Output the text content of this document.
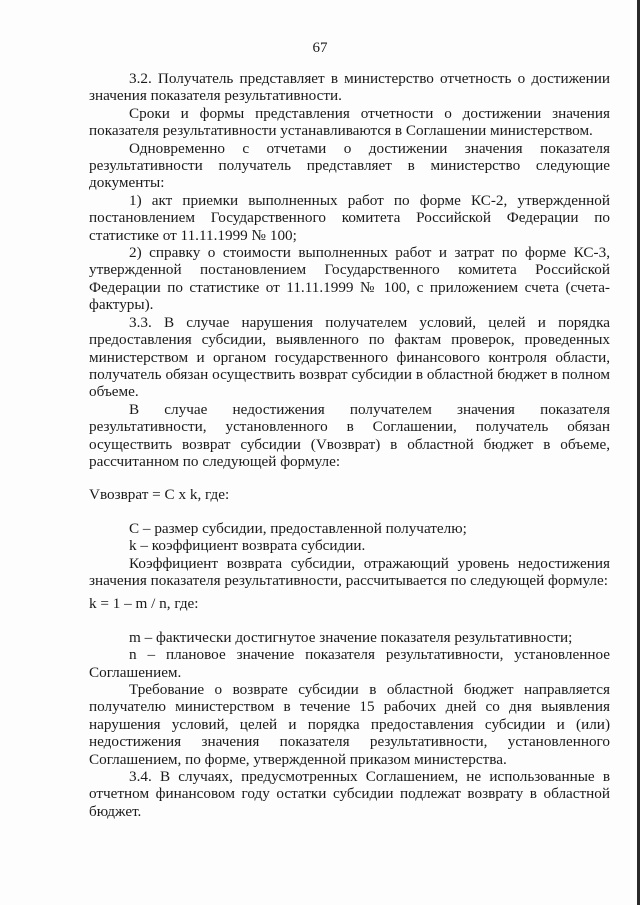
67

3.2. Получатель представляет в министерство отчетность о достижении значения показателя результативности.

Сроки и формы представления отчетности о достижении значения показателя результативности устанавливаются в Соглашении министерством.

Одновременно с отчетами о достижении значения показателя результативности получатель представляет в министерство следующие документы:

1) акт приемки выполненных работ по форме КС-2, утвержденной постановлением Государственного комитета Российской Федерации по статистике от 11.11.1999 № 100;

2) справку о стоимости выполненных работ и затрат по форме КС-3, утвержденной постановлением Государственного комитета Российской Федерации по статистике от 11.11.1999 № 100, с приложением счета (счета-фактуры).

3.3. В случае нарушения получателем условий, целей и порядка предоставления субсидии, выявленного по фактам проверок, проведенных министерством и органом государственного финансового контроля области, получатель обязан осуществить возврат субсидии в областной бюджет в полном объеме.

В случае недостижения получателем значения показателя результативности, установленного в Соглашении, получатель обязан осуществить возврат субсидии (Vвозврат) в областной бюджет в объеме, рассчитанном по следующей формуле:

Vвозврат = C x k, где:

C – размер субсидии, предоставленной получателю;

k – коэффициент возврата субсидии.

Коэффициент возврата субсидии, отражающий уровень недостижения значения показателя результативности, рассчитывается по следующей формуле:

k = 1 – m / n, где:

m – фактически достигнутое значение показателя результативности;

n – плановое значение показателя результативности, установленное Соглашением.

Требование о возврате субсидии в областной бюджет направляется получателю министерством в течение 15 рабочих дней со дня выявления нарушения условий, целей и порядка предоставления субсидии и (или) недостижения значения показателя результативности, установленного Соглашением, по форме, утвержденной приказом министерства.

3.4. В случаях, предусмотренных Соглашением, не использованные в отчетном финансовом году остатки субсидии подлежат возврату в областной бюджет.
